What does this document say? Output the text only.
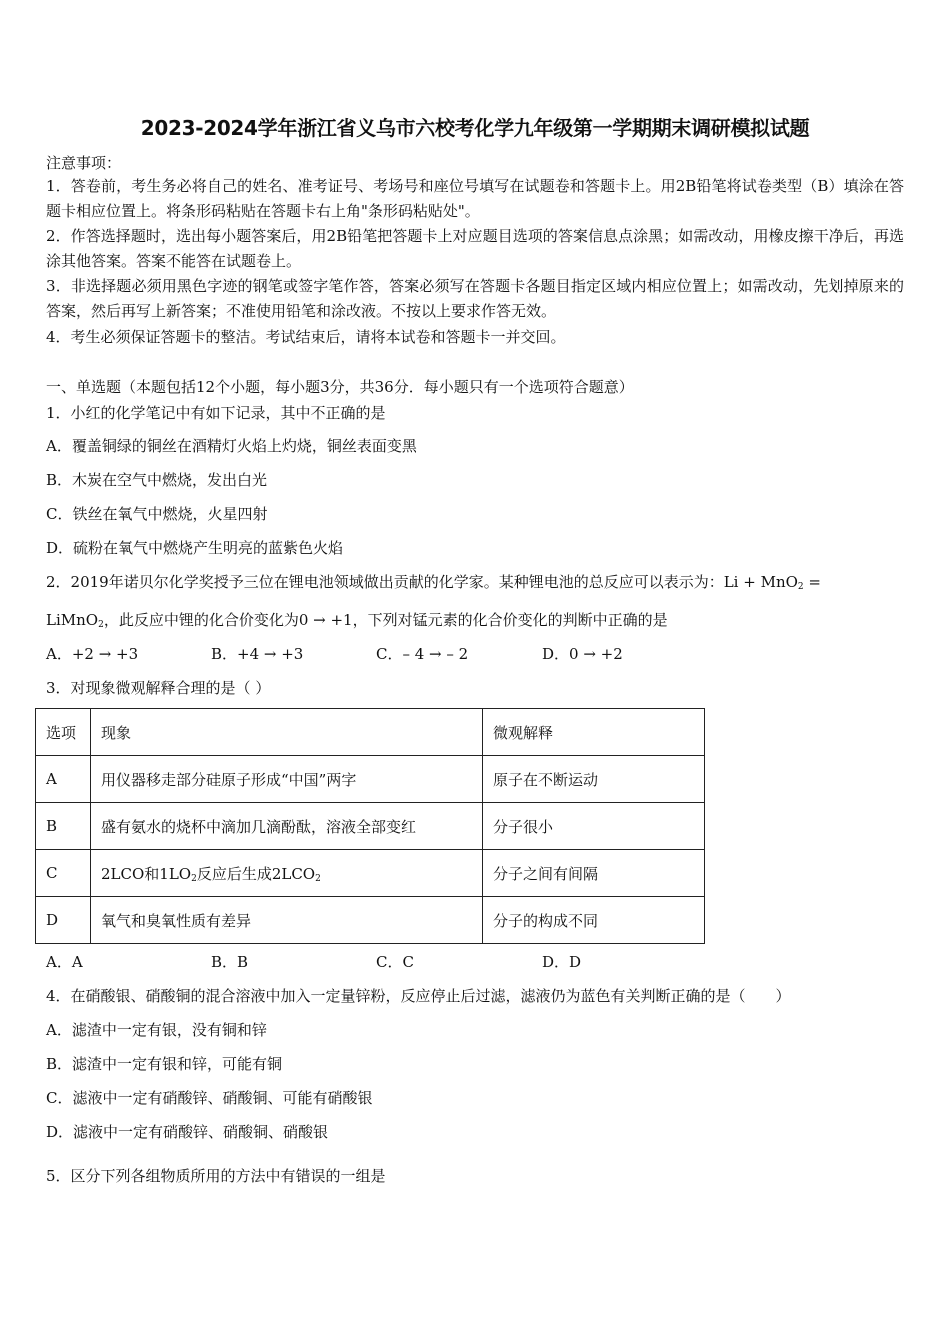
2023-2024学年浙江省义乌市六校考化学九年级第一学期期末调研模拟试题
注意事项：
1．答卷前，考生务必将自己的姓名、准考证号、考场号和座位号填写在试题卷和答题卡上。用2B铅笔将试卷类型（B）填涂在答题卡相应位置上。将条形码粘贴在答题卡右上角"条形码粘贴处"。
2．作答选择题时，选出每小题答案后，用2B铅笔把答题卡上对应题目选项的答案信息点涂黑；如需改动，用橡皮擦干净后，再选涂其他答案。答案不能答在试题卷上。
3．非选择题必须用黑色字迹的钢笔或签字笔作答，答案必须写在答题卡各题目指定区域内相应位置上；如需改动，先划掉原来的答案，然后再写上新答案；不准使用铅笔和涂改液。不按以上要求作答无效。
4．考生必须保证答题卡的整洁。考试结束后，请将本试卷和答题卡一并交回。
一、单选题（本题包括12个小题，每小题3分，共36分．每小题只有一个选项符合题意）
1．小红的化学笔记中有如下记录，其中不正确的是
A．覆盖铜绿的铜丝在酒精灯火焰上灼烧，铜丝表面变黑
B．木炭在空气中燃烧，发出白光
C．铁丝在氧气中燃烧，火星四射
D．硫粉在氧气中燃烧产生明亮的蓝紫色火焰
2．2019年诺贝尔化学奖授予三位在锂电池领域做出贡献的化学家。某种锂电池的总反应可以表示为：Li + MnO$_2$ =
LiMnO$_2$，此反应中锂的化合价变化为0 → +1，下列对锰元素的化合价变化的判断中正确的是
A．+2 → +3	B．+4 → +3	C．– 4 → – 2	D．0 → +2
3．对现象微观解释合理的是（ ）
选项	现象	微观解释
A	用仪器移走部分硅原子形成“中国”两字	原子在不断运动
B	盛有氨水的烧杯中滴加几滴酚酞，溶液全部变红	分子很小
C	2LCO和$1LO_2$反应后生成$2LCO_2$	分子之间有间隔
D	氧气和臭氧性质有差异	分子的构成不同
A．A	B．B	C．C	D．D
4．在硝酸银、硝酸铜的混合溶液中加入一定量锌粉，反应停止后过滤，滤液仍为蓝色有关判断正确的是（　　）
A．滤渣中一定有银，没有铜和锌
B．滤渣中一定有银和锌，可能有铜
C．滤液中一定有硝酸锌、硝酸铜、可能有硝酸银
D．滤液中一定有硝酸锌、硝酸铜、硝酸银
5．区分下列各组物质所用的方法中有错误的一组是
